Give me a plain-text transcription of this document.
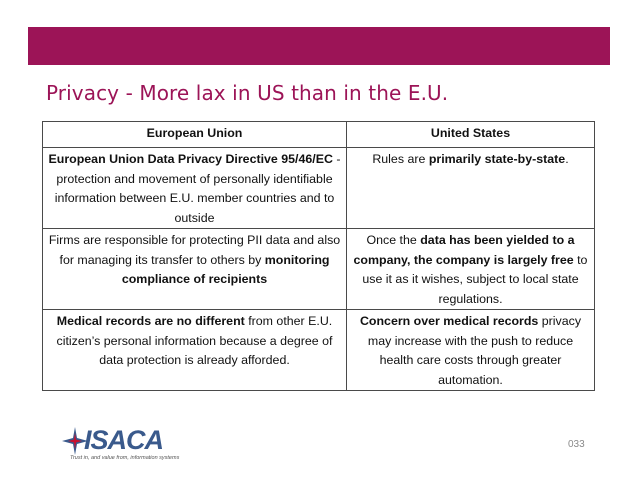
Privacy - More lax in US than in the E.U.
European Union	United States
European Union Data Privacy Directive 95/46/EC - protection and movement of personally identifiable information between E.U. member countries and to outside	Rules are primarily state-by-state.
Firms are responsible for protecting PII data and also for managing its transfer to others by monitoring compliance of recipients	Once the data has been yielded to a company, the company is largely free to use it as it wishes, subject to local state regulations.
Medical records are no different from other E.U. citizen’s personal information because a degree of data protection is already afforded.	Concern over medical records privacy may increase with the push to reduce health care costs through greater automation.
ISACA
Trust in, and value from, information systems
033
